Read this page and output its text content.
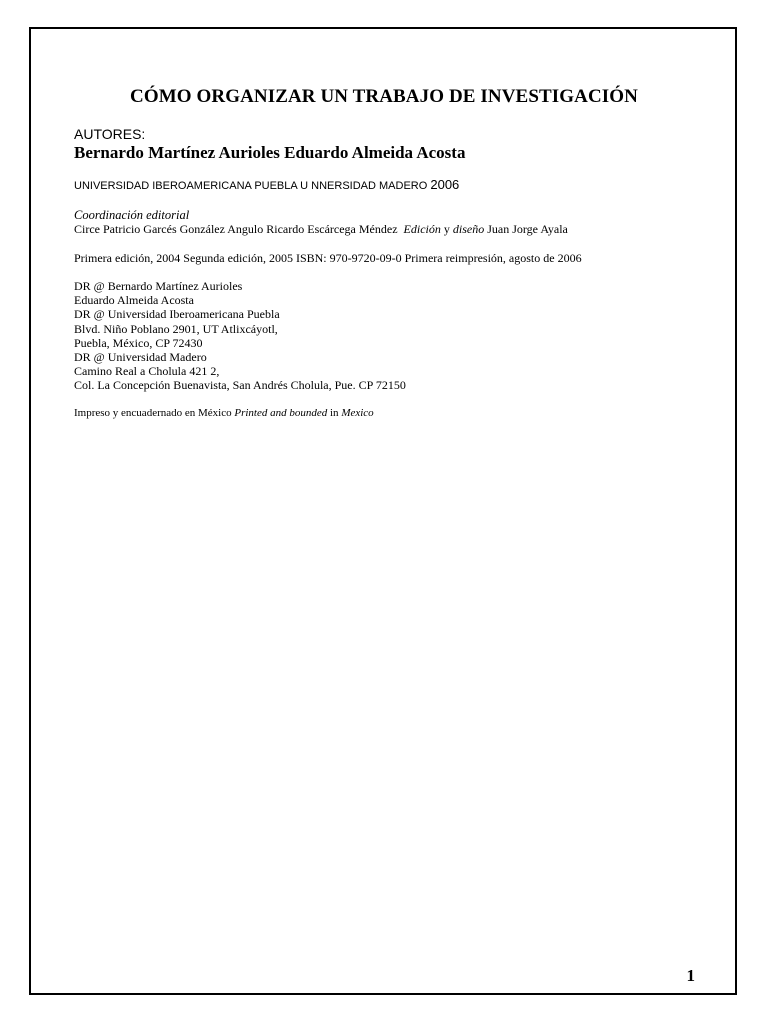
CÓMO ORGANIZAR UN TRABAJO DE INVESTIGACIÓN
AUTORES:
Bernardo Martínez Aurioles Eduardo Almeida Acosta
UNIVERSIDAD IBEROAMERICANA PUEBLA U NNERSIDAD MADERO 2006
Coordinación editorial
Circe Patricio Garcés González Angulo Ricardo Escárcega Méndez Edición y diseño Juan Jorge Ayala
Primera edición, 2004 Segunda edición, 2005 ISBN: 970-9720-09-0 Primera reimpresión, agosto de 2006
DR @ Bernardo Martínez Aurioles
Eduardo Almeida Acosta
DR @ Universidad Iberoamericana Puebla
Blvd. Niño Poblano 2901, UT Atlixcáyotl,
Puebla, México, CP 72430
DR @ Universidad Madero
Camino Real a Cholula 421 2,
Col. La Concepción Buenavista, San Andrés Cholula, Pue. CP 72150
Impreso y encuadernado en México Printed and bounded in Mexico
1
